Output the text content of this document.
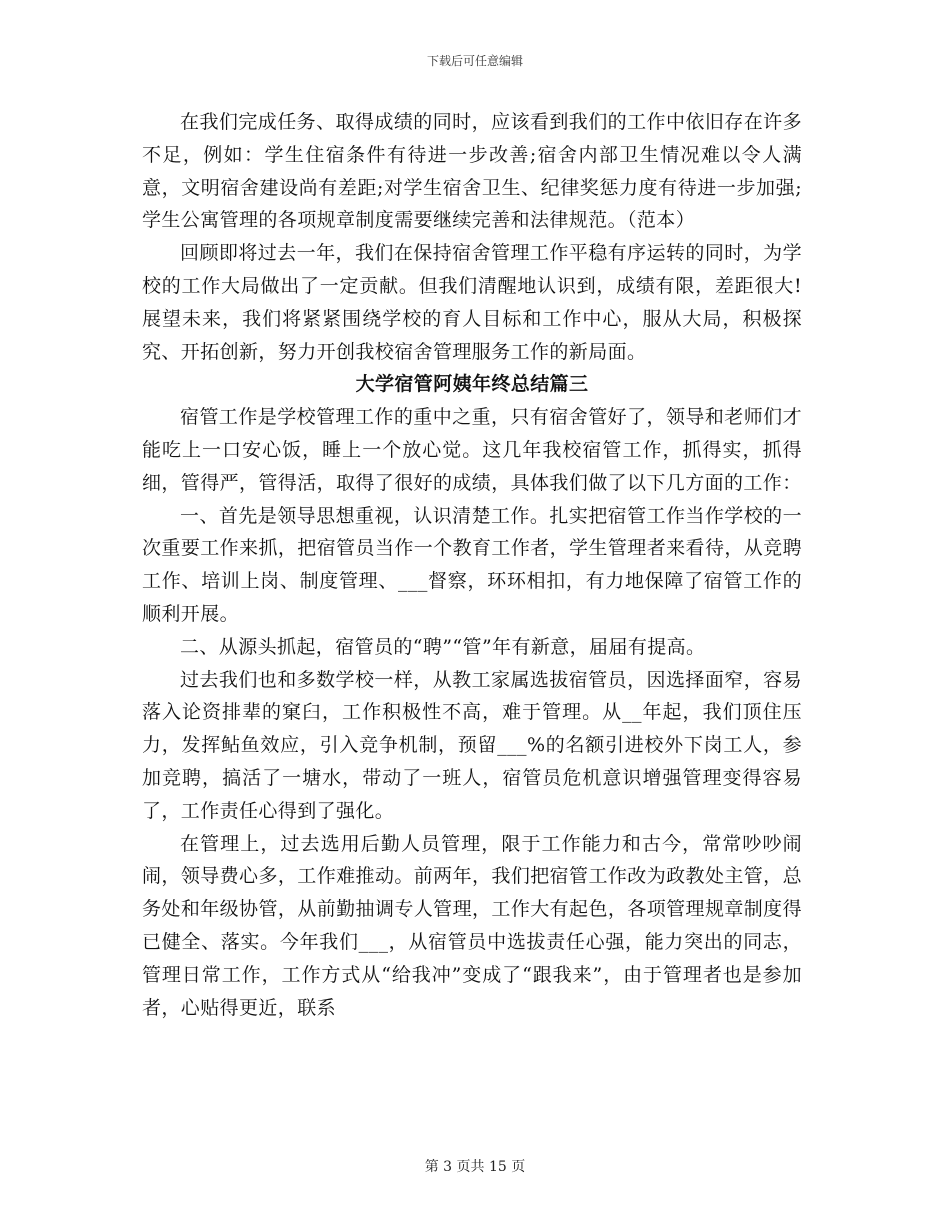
下载后可任意编辑

在我们完成任务、取得成绩的同时，应该看到我们的工作中依旧存在许多不足，例如：学生住宿条件有待进一步改善;宿舍内部卫生情况难以令人满意，文明宿舍建设尚有差距;对学生宿舍卫生、纪律奖惩力度有待进一步加强;学生公寓管理的各项规章制度需要继续完善和法律规范。（范本）

回顾即将过去一年，我们在保持宿舍管理工作平稳有序运转的同时，为学校的工作大局做出了一定贡献。但我们清醒地认识到，成绩有限，差距很大!展望未来，我们将紧紧围绕学校的育人目标和工作中心，服从大局，积极探究、开拓创新，努力开创我校宿舍管理服务工作的新局面。

大学宿管阿姨年终总结篇三

宿管工作是学校管理工作的重中之重，只有宿舍管好了，领导和老师们才能吃上一口安心饭，睡上一个放心觉。这几年我校宿管工作，抓得实，抓得细，管得严，管得活，取得了很好的成绩，具体我们做了以下几方面的工作：

一、首先是领导思想重视，认识清楚工作。扎实把宿管工作当作学校的一次重要工作来抓，把宿管员当作一个教育工作者，学生管理者来看待，从竞聘工作、培训上岗、制度管理、___督察，环环相扣，有力地保障了宿管工作的顺利开展。

二、从源头抓起，宿管员的“聘”“管”年有新意，届届有提高。

过去我们也和多数学校一样，从教工家属选拔宿管员，因选择面窄，容易落入论资排辈的窠臼，工作积极性不高，难于管理。从__年起，我们顶住压力，发挥鲇鱼效应，引入竞争机制，预留___%的名额引进校外下岗工人，参加竞聘，搞活了一塘水，带动了一班人，宿管员危机意识增强管理变得容易了，工作责任心得到了强化。

在管理上，过去选用后勤人员管理，限于工作能力和古今，常常吵吵闹闹，领导费心多，工作难推动。前两年，我们把宿管工作改为政教处主管，总务处和年级协管，从前勤抽调专人管理，工作大有起色，各项管理规章制度得已健全、落实。今年我们___，从宿管员中选拔责任心强，能力突出的同志，管理日常工作，工作方式从“给我冲”变成了“跟我来”，由于管理者也是参加者，心贴得更近，联系

第 3 页共 15 页
